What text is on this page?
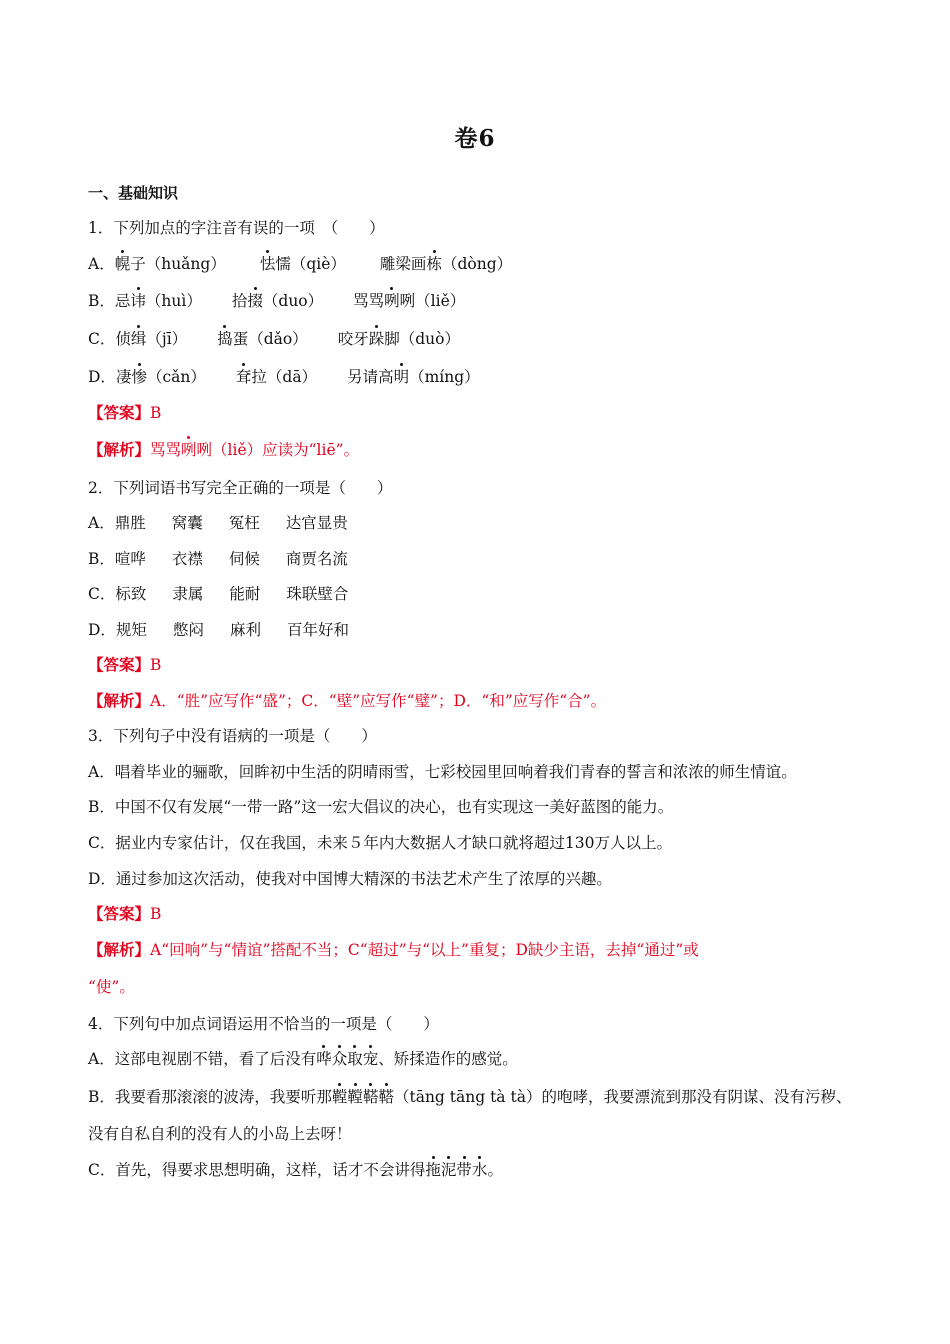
卷6
一、基础知识
1．下列加点的字注音有误的一项　（　　）
A．幌子（huǎng） 怯懦（qiè） 雕梁画栋（dòng）
B．忌讳（huì） 拾掇（duo） 骂骂咧咧（liě）
C．侦缉（jī） 捣蛋（dǎo） 咬牙跺脚（duò）
D．凄惨（cǎn） 耷拉（dā） 另请高明（míng）
【答案】B
【解析】骂骂咧咧（liě）应读为“liē”。
2．下列词语书写完全正确的一项是（　　）
A．鼎胜 窝囊 冤枉 达官显贵
B．喧哗 衣襟 伺候 商贾名流
C．标致 隶属 能耐 珠联壁合
D．规矩 憋闷 麻利 百年好和
【答案】B
【解析】A．“胜”应写作“盛”；C．“壁”应写作“璧”；D．“和”应写作“合”。
3．下列句子中没有语病的一项是（　　）
A．唱着毕业的骊歌，回眸初中生活的阴晴雨雪，七彩校园里回响着我们青春的誓言和浓浓的师生情谊。
B．中国不仅有发展“一带一路”这一宏大倡议的决心，也有实现这一美好蓝图的能力。
C．据业内专家估计，仅在我国，未来５年内大数据人才缺口就将超过130万人以上。
D．通过参加这次活动，使我对中国博大精深的书法艺术产生了浓厚的兴趣。
【答案】B
【解析】A“回响”与“情谊”搭配不当；C“超过”与“以上”重复；D缺少主语，去掉“通过”或
“使”。
4．下列句中加点词语运用不恰当的一项是（　　）
A．这部电视剧不错，看了后没有哗众取宠、矫揉造作的感觉。
B．我要看那滚滚的波涛，我要听那鞺鞺鞳鞳（tāng tāng tà tà）的咆哮，我要漂流到那没有阴谋、没有污秽、
没有自私自利的没有人的小岛上去呀！
C．首先，得要求思想明确，这样，话才不会讲得拖泥带水。
